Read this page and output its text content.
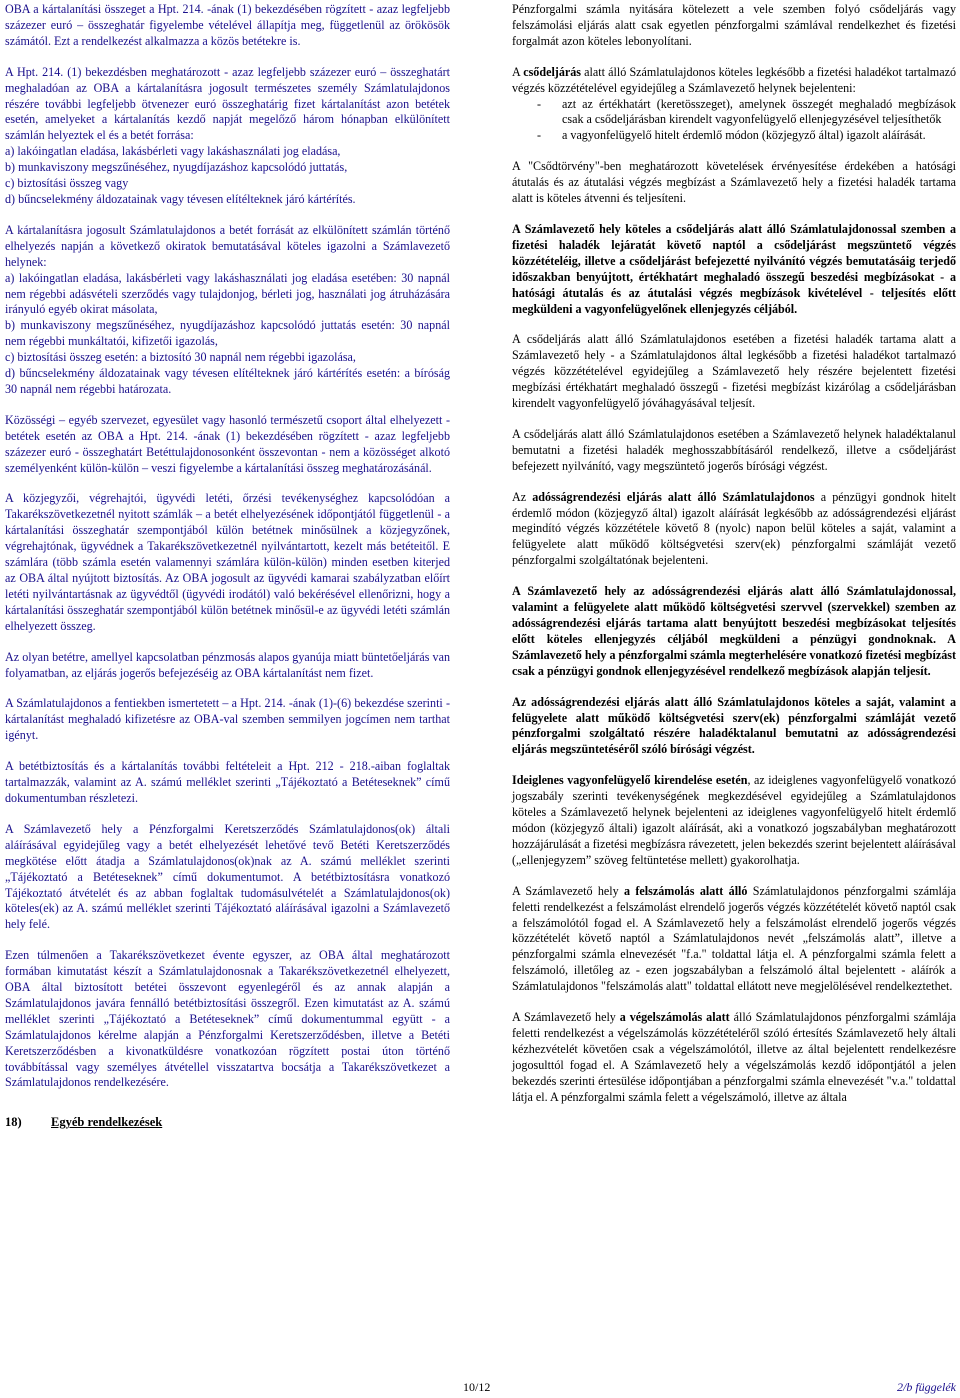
OBA a kártalanítási összeget a Hpt. 214. -ának (1) bekezdésében rögzített - azaz legfeljebb százezer euró – összeghatár figyelembe vételével állapítja meg, függetlenül az örökösök számától. Ezt a rendelkezést alkalmazza a közös betétekre is.

A Hpt. 214. (1) bekezdésben meghatározott - azaz legfeljebb százezer euró – összeghatárt meghaladóan az OBA a kártalanításra jogosult természetes személy Számlatulajdonos részére további legfeljebb ötvenezer euró összeghatárig fizet kártalanítást azon betétek esetén, amelyeket a kártalanítás kezdő napját megelőző három hónapban elkülönített számlán helyeztek el és a betét forrása:

a) lakóingatlan eladása, lakásbérleti vagy lakáshasználati jog eladása,
b) munkaviszony megszűnéséhez, nyugdíjazáshoz kapcsolódó juttatás,
c) biztosítási összeg vagy
d) bűncselekmény áldozatainak vagy tévesen elítélteknek járó kártérítés.

A kártalanításra jogosult Számlatulajdonos a betét forrását az elkülönített számlán történő elhelyezés napján a következő okiratok bemutatásával köteles igazolni a Számlavezető helynek:

a) lakóingatlan eladása, lakásbérleti vagy lakáshasználati jog eladása esetében: 30 napnál nem régebbi adásvételi szerződés vagy tulajdonjog, bérleti jog, használati jog átruházására irányuló egyéb okirat másolata,
b) munkaviszony megszűnéséhez, nyugdíjazáshoz kapcsolódó juttatás esetén: 30 napnál nem régebbi munkáltatói, kifizetői igazolás,
c) biztosítási összeg esetén: a biztosító 30 napnál nem régebbi igazolása,
d) bűncselekmény áldozatainak vagy tévesen elítélteknek járó kártérítés esetén: a bíróság 30 napnál nem régebbi határozata.

Közösségi – egyéb szervezet, egyesület vagy hasonló természetű csoport által elhelyezett - betétek esetén az OBA a Hpt. 214. -ának (1) bekezdésében rögzített - azaz legfeljebb százezer euró - összeghatárt Betéttulajdonosonként összevontan - nem a közösséget alkotó személyenként külön-külön – veszi figyelembe a kártalanítási összeg meghatározásánál.

A közjegyzői, végrehajtói, ügyvédi letéti, őrzési tevékenységhez kapcsolódóan a Takarékszövetkezetnél nyitott számlák – a betét elhelyezésének időpontjától függetlenül - a kártalanítási összeghatár szempontjából külön betétnek minősülnek a közjegyzőnek, végrehajtónak, ügyvédnek a Takarékszövetkezetnél nyilvántartott, kezelt más betéteitől. E számlára (több számla esetén valamennyi számlára külön-külön) minden esetben kiterjed az OBA által nyújtott biztosítás. Az OBA jogosult az ügyvédi kamarai szabályzatban előírt letéti nyilvántartásnak az ügyvédtől (ügyvédi irodától) való bekérésével ellenőrizni, hogy a kártalanítási összeghatár szempontjából külön betétnek minősül-e az ügyvédi letéti számlán elhelyezett összeg.

Az olyan betétre, amellyel kapcsolatban pénzmosás alapos gyanúja miatt büntetőeljárás van folyamatban, az eljárás jogerős befejezéséig az OBA kártalanítást nem fizet.

A Számlatulajdonos a fentiekben ismertetett – a Hpt. 214. -ának (1)-(6) bekezdése szerinti - kártalanítást meghaladó kifizetésre az OBA-val szemben semmilyen jogcímen nem tarthat igényt.

A betétbiztosítás és a kártalanítás további feltételeit a Hpt. 212 - 218.-aiban foglaltak tartalmazzák, valamint az A. számú melléklet szerinti „Tájékoztató a Betéteseknek” című dokumentumban részletezi.

A Számlavezető hely a Pénzforgalmi Keretszerződés Számlatulajdonos(ok) általi aláírásával egyidejűleg vagy a betét elhelyezését lehetővé tevő Betéti Keretszerződés megkötése előtt átadja a Számlatulajdonos(ok)nak az A. számú melléklet szerinti „Tájékoztató a Betéteseknek” című dokumentumot. A betétbiztosításra vonatkozó Tájékoztató átvételét és az abban foglaltak tudomásulvételét a Számlatulajdonos(ok) köteles(ek) az A. számú melléklet szerinti Tájékoztató aláírásával igazolni a Számlavezető hely felé.

Ezen túlmenően a Takarékszövetkezet évente egyszer, az OBA által meghatározott formában kimutatást készít a Számlatulajdonosnak a Takarékszövetkezetnél elhelyezett, OBA által biztosított betétei összevont egyenlegéről és az annak alapján a Számlatulajdonos javára fennálló betétbiztosítási összegről. Ezen kimutatást az A. számú melléklet szerinti „Tájékoztató a Betéteseknek” című dokumentummal együtt - a Számlatulajdonos kérelme alapján a Pénzforgalmi Keretszerződésben, illetve a Betéti Keretszerződésben a kivonatküldésre vonatkozóan rögzített postai úton történő továbbítással vagy személyes átvétellel visszatartva bocsátja a Takarékszövetkezet a Számlatulajdonos rendelkezésére.

18) Egyéb rendelkezések

Pénzforgalmi számla nyitására kötelezett a vele szemben folyó csődeljárás vagy felszámolási eljárás alatt csak egyetlen pénzforgalmi számlával rendelkezhet és fizetési forgalmát azon köteles lebonyolítani.

A csődeljárás alatt álló Számlatulajdonos köteles legkésőbb a fizetési haladékot tartalmazó végzés közzétételével egyidejűleg a Számlavezető helynek bejelenteni:

- azt az értékhatárt (keretösszeget), amelynek összegét meghaladó megbízások csak a csődeljárásban kirendelt vagyonfelügyelő ellenjegyzésével teljesíthetők
- a vagyonfelügyelő hitelt érdemlő módon (közjegyző által) igazolt aláírását.

A "Csődtörvény"-ben meghatározott követelések érvényesítése érdekében a hatósági átutalás és az átutalási végzés megbízást a Számlavezető hely a fizetési haladék tartama alatt is köteles átvenni és teljesíteni.

A Számlavezető hely köteles a csődeljárás alatt álló Számlatulajdonossal szemben a fizetési haladék lejáratát követő naptól a csődeljárást megszüntető végzés közzétételéig, illetve a csődeljárást befejezetté nyilvánító végzés bemutatásáig terjedő időszakban benyújtott, értékhatárt meghaladó összegű beszedési megbízásokat - a hatósági átutalás és az átutalási végzés megbízások kivételével - teljesítés előtt megküldeni a vagyonfelügyelőnek ellenjegyzés céljából.

A csődeljárás alatt álló Számlatulajdonos esetében a fizetési haladék tartama alatt a Számlavezető hely - a Számlatulajdonos által legkésőbb a fizetési haladékot tartalmazó végzés közzétételével egyidejűleg a Számlavezető hely részére bejelentett fizetési megbízási értékhatárt meghaladó összegű - fizetési megbízást kizárólag a csődeljárásban kirendelt vagyonfelügyelő jóváhagyásával teljesít.

A csődeljárás alatt álló Számlatulajdonos esetében a Számlavezető helynek haladéktalanul bemutatni a fizetési haladék meghosszabbításáról rendelkező, illetve a csődeljárást befejezett nyilvánító, vagy megszüntető jogerős bírósági végzést.

Az adósságrendezési eljárás alatt álló Számlatulajdonos a pénzügyi gondnok hitelt érdemlő módon (közjegyző által) igazolt aláírását legkésőbb az adósságrendezési eljárást megindító végzés közzététele követő 8 (nyolc) napon belül köteles a saját, valamint a felügyelete alatt működő költségvetési szerv(ek) pénzforgalmi számláját vezető pénzforgalmi szolgáltatónak bejelenteni.

A Számlavezető hely az adósságrendezési eljárás alatt álló Számlatulajdonossal, valamint a felügyelete alatt működő költségvetési szervvel (szervekkel) szemben az adósságrendezési eljárás tartama alatt benyújtott beszedési megbízásokat teljesítés előtt köteles ellenjegyzés céljából megküldeni a pénzügyi gondnoknak. A Számlavezető hely a pénzforgalmi számla megterhelésére vonatkozó fizetési megbízást csak a pénzügyi gondnok ellenjegyzésével rendelkező megbízások alapján teljesít.

Az adósságrendezési eljárás alatt álló Számlatulajdonos köteles a saját, valamint a felügyelete alatt működő költségvetési szerv(ek) pénzforgalmi számláját vezető pénzforgalmi szolgáltató részére haladéktalanul bemutatni az adósságrendezési eljárás megszüntetéséről szóló bírósági végzést.

Ideiglenes vagyonfelügyelő kirendelése esetén, az ideiglenes vagyonfelügyelő vonatkozó jogszabály szerinti tevékenységének megkezdésével egyidejűleg a Számlatulajdonos köteles a Számlavezető helynek bejelenteni az ideiglenes vagyonfelügyelő hitelt érdemlő módon (közjegyző általi) igazolt aláírását, aki a vonatkozó jogszabályban meghatározott hozzájárulását a fizetési megbízásra rávezetett, jelen bekezdés szerint bejelentett aláírásával („ellenjegyzem” szöveg feltüntetése mellett) gyakorolhatja.

A Számlavezető hely a felszámolás alatt álló Számlatulajdonos pénzforgalmi számlája feletti rendelkezést a felszámolást elrendelő jogerős végzés közzétételét követő naptól csak a felszámolótól fogad el. A Számlavezető hely a felszámolást elrendelő jogerős végzés közzétételét követő naptól a Számlatulajdonos nevét „felszámolás alatt”, illetve a pénzforgalmi számla elnevezését "f.a." toldattal látja el. A pénzforgalmi számla felett a felszámoló, illetőleg az - ezen jogszabályban a felszámoló által bejelentett - aláírók a Számlatulajdonos "felszámolás alatt" toldattal ellátott neve megjelölésével rendelkeztethet.

A Számlavezető hely a végelszámolás alatt álló Számlatulajdonos pénzforgalmi számlája feletti rendelkezést a végelszámolás közzétételéről szóló értesítés Számlavezető hely általi kézhezvételét követően csak a végelszámolótól, illetve az által bejelentett rendelkezésre jogosulttól fogad el. A Számlavezető hely a végelszámolás kezdő időpontjától a jelen bekezdés szerinti értesülése időpontjában a pénzforgalmi számla elnevezését "v.a." toldattal látja el. A pénzforgalmi számla felett a végelszámoló, illetve az általa

10/12	2/b függelék
